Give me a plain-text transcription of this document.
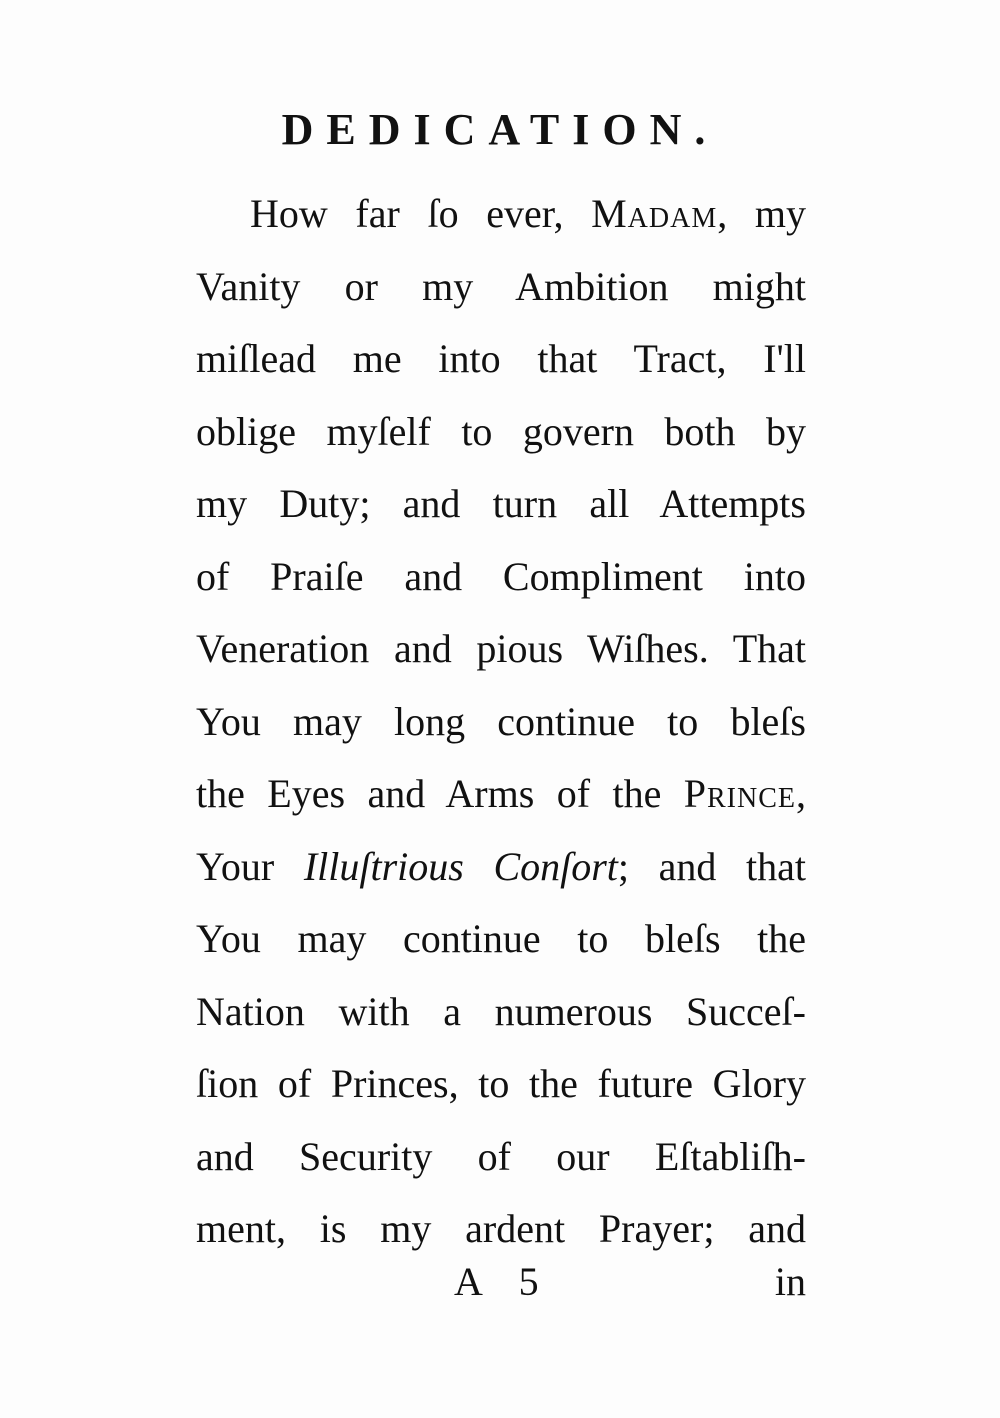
DEDICATION.
How far ſo ever, Madam, my
Vanity or my Ambition might
miſlead me into that Tract, I'll
oblige myſelf to govern both by
my Duty; and turn all Attempts
of Praiſe and Compliment into
Veneration and pious Wiſhes. That
You may long continue to bleſs
the Eyes and Arms of the Prince,
Your Illuſtrious Conſort; and that
You may continue to bleſs the
Nation with a numerous Succeſ-
ſion of Princes, to the future Glory
and Security of our Eſtabliſh-
ment, is my ardent Prayer; and
A 5	in
